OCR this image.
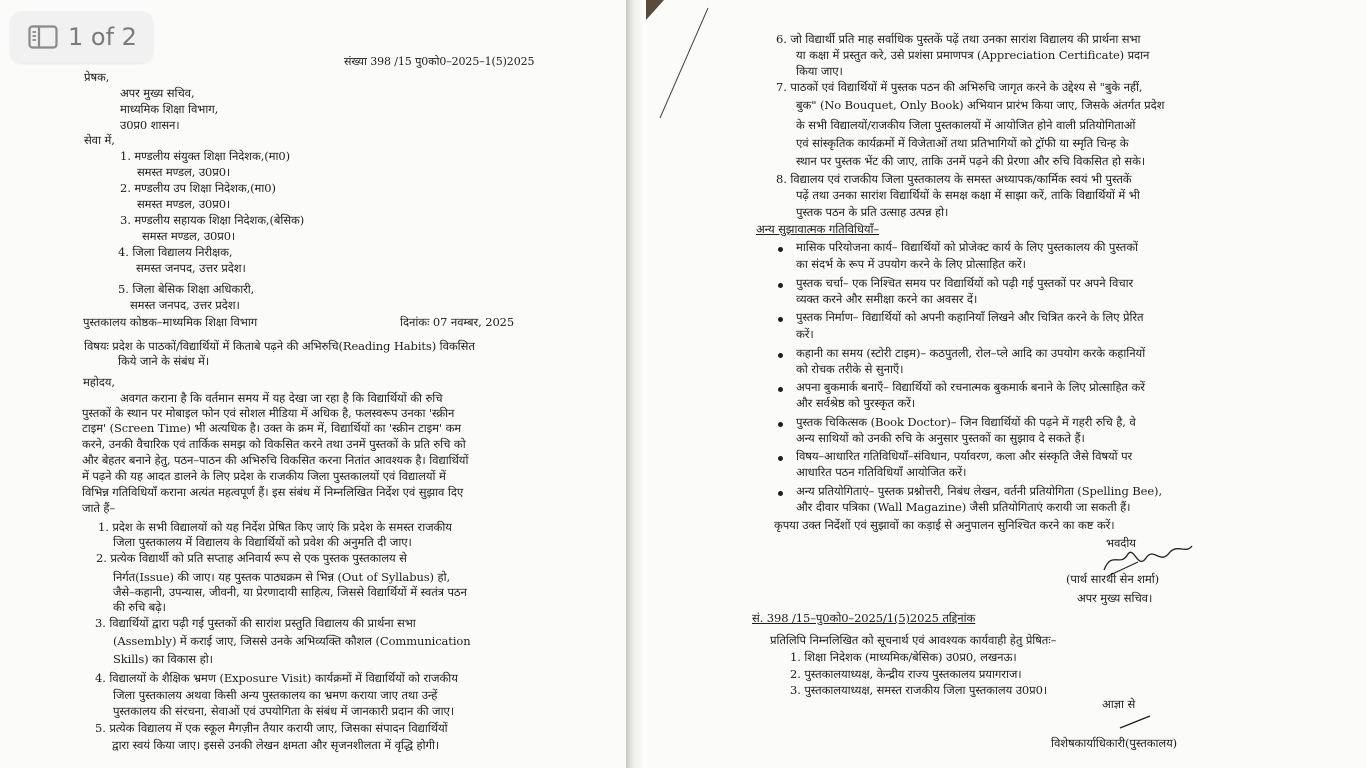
संख्या 398 /15 पु0को0–2025–1(5)2025
प्रेषक,
अपर मुख्य सचिव,
माध्यमिक शिक्षा विभाग,
उ0प्र0 शासन।
सेवा में,
1. मण्डलीय संयुक्त शिक्षा निदेशक,(मा0)
समस्त मण्डल, उ0प्र0।
2. मण्डलीय उप शिक्षा निदेशक,(मा0)
समस्त मण्डल, उ0प्र0।
3. मण्डलीय सहायक शिक्षा निदेशक,(बेसिक)
समस्त मण्डल, उ0प्र0।
4. जिला विद्यालय निरीक्षक,
समस्त जनपद, उत्तर प्रदेश।
5. जिला बेसिक शिक्षा अधिकारी,
समस्त जनपद, उत्तर प्रदेश।
पुस्तकालय कोष्ठक–माध्यमिक शिक्षा विभाग	दिनांकः 07 नवम्बर, 2025
विषयः प्रदेश के पाठकों/विद्यार्थियों में किताबे पढ़ने की अभिरुचि(Reading Habits) विकसित
किये जाने के संबंध में।
महोदय,
अवगत कराना है कि वर्तमान समय में यह देखा जा रहा है कि विद्यार्थियों की रुचि
पुस्तकों के स्थान पर मोबाइल फोन एवं सोशल मीडिया में अधिक है, फलस्वरूप उनका 'स्क्रीन
टाइम' (Screen Time) भी अत्यधिक है। उक्त के क्रम में, विद्यार्थियों का 'स्क्रीन टाइम' कम
करने, उनकी वैचारिक एवं तार्किक समझ को विकसित करने तथा उनमें पुस्तकों के प्रति रुचि को
और बेहतर बनाने हेतु, पठन–पाठन की अभिरुचि विकसित करना नितांत आवश्यक है। विद्यार्थियों
में पढ़ने की यह आदत डालने के लिए प्रदेश के राजकीय जिला पुस्तकालयों एवं विद्यालयों में
विभिन्न गतिविधियाँ कराना अत्यंत महत्वपूर्ण हैं। इस संबंध में निम्नलिखित निर्देश एवं सुझाव दिए
जाते हैं–
1. प्रदेश के सभी विद्यालयों को यह निर्देश प्रेषित किए जाएं कि प्रदेश के समस्त राजकीय
जिला पुस्तकालय में विद्यालय के विद्यार्थियों को प्रवेश की अनुमति दी जाए।
2. प्रत्येक विद्यार्थी को प्रति सप्ताह अनिवार्य रूप से एक पुस्तक पुस्तकालय से
निर्गत(Issue) की जाए। यह पुस्तक पाठ्यक्रम से भिन्न (Out of Syllabus) हो,
जैसे–कहानी, उपन्यास, जीवनी, या प्रेरणादायी साहित्य, जिससे विद्यार्थियों में स्वतंत्र पठन
की रुचि बढ़े।
3. विद्यार्थियों द्वारा पढ़ी गई पुस्तकों की सारांश प्रस्तुति विद्यालय की प्रार्थना सभा
(Assembly) में कराई जाए, जिससे उनके अभिव्यक्ति कौशल (Communication
Skills) का विकास हो।
4. विद्यालयों के शैक्षिक भ्रमण (Exposure Visit) कार्यक्रमों में विद्यार्थियों को राजकीय
जिला पुस्तकालय अथवा किसी अन्य पुस्तकालय का भ्रमण कराया जाए तथा उन्हें
पुस्तकालय की संरचना, सेवाओं एवं उपयोगिता के संबंध में जानकारी प्रदान की जाए।
5. प्रत्येक विद्यालय में एक स्कूल मैगज़ीन तैयार करायी जाए, जिसका संपादन विद्यार्थियों
द्वारा स्वयं किया जाए। इससे उनकी लेखन क्षमता और सृजनशीलता में वृद्धि होगी।
6. जो विद्यार्थी प्रति माह सर्वाधिक पुस्तकें पढ़ें तथा उनका सारांश विद्यालय की प्रार्थना सभा
या कक्षा में प्रस्तुत करे, उसे प्रशंसा प्रमाणपत्र (Appreciation Certificate) प्रदान
किया जाए।
7. पाठकों एवं विद्यार्थियों में पुस्तक पठन की अभिरुचि जागृत करने के उद्देश्य से "बुके नहीं,
बुक" (No Bouquet, Only Book) अभियान प्रारंभ किया जाए, जिसके अंतर्गत प्रदेश
के सभी विद्यालयों/राजकीय जिला पुस्तकालयों में आयोजित होने वाली प्रतियोगिताओं
एवं सांस्कृतिक कार्यक्रमों में विजेताओं तथा प्रतिभागियों को ट्रॉफी या स्मृति चिन्ह के
स्थान पर पुस्तक भेंट की जाए, ताकि उनमें पढ़ने की प्रेरणा और रुचि विकसित हो सके।
8. विद्यालय एवं राजकीय जिला पुस्तकालय के समस्त अध्यापक/कार्मिक स्वयं भी पुस्तकें
पढ़ें तथा उनका सारांश विद्यार्थियों के समक्ष कक्षा में साझा करें, ताकि विद्यार्थियों में भी
पुस्तक पठन के प्रति उत्साह उत्पन्न हो।
अन्य सुझावात्मक गतिविधियाँ–
मासिक परियोजना कार्य– विद्यार्थियों को प्रोजेक्ट कार्य के लिए पुस्तकालय की पुस्तकों
का संदर्भ के रूप में उपयोग करने के लिए प्रोत्साहित करें।
पुस्तक चर्चा– एक निश्चित समय पर विद्यार्थियों को पढ़ी गई पुस्तकों पर अपने विचार
व्यक्त करने और समीक्षा करने का अवसर दें।
पुस्तक निर्माण– विद्यार्थियों को अपनी कहानियाँ लिखने और चित्रित करने के लिए प्रेरित
करें।
कहानी का समय (स्टोरी टाइम)– कठपुतली, रोल–प्ले आदि का उपयोग करके कहानियों
को रोचक तरीके से सुनाएँ।
अपना बुकमार्क बनाएँ– विद्यार्थियों को रचनात्मक बुकमार्क बनाने के लिए प्रोत्साहित करें
और सर्वश्रेष्ठ को पुरस्कृत करें।
पुस्तक चिकित्सक (Book Doctor)– जिन विद्यार्थियों की पढ़ने में गहरी रुचि है, वे
अन्य साथियों को उनकी रुचि के अनुसार पुस्तकों का सुझाव दे सकते हैं।
विषय–आधारित गतिविधियाँ–संविधान, पर्यावरण, कला और संस्कृति जैसे विषयों पर
आधारित पठन गतिविधियाँ आयोजित करें।
अन्य प्रतियोगिताएं– पुस्तक प्रश्नोत्तरी, निबंध लेखन, वर्तनी प्रतियोगिता (Spelling Bee),
और दीवार पत्रिका (Wall Magazine) जैसी प्रतियोगिताएं करायी जा सकती हैं।
कृपया उक्त निर्देशों एवं सुझावों का कड़ाई से अनुपालन सुनिश्चित करने का कष्ट करें।
भवदीय
(पार्थ सारथी सेन शर्मा)
अपर मुख्य सचिव।
सं. 398 /15–पु0को0–2025/1(5)2025 तद्दिनांक
प्रतिलिपि निम्नलिखित को सूचनार्थ एवं आवश्यक कार्यवाही हेतु प्रेषितः–
1. शिक्षा निदेशक (माध्यमिक/बेसिक) उ0प्र0, लखनऊ।
2. पुस्तकालयाध्यक्ष, केन्द्रीय राज्य पुस्तकालय प्रयागराज।
3. पुस्तकालयाध्यक्ष, समस्त राजकीय जिला पुस्तकालय उ0प्र0।
आज्ञा से
विशेषकार्याधिकारी(पुस्तकालय)
1 of 2
